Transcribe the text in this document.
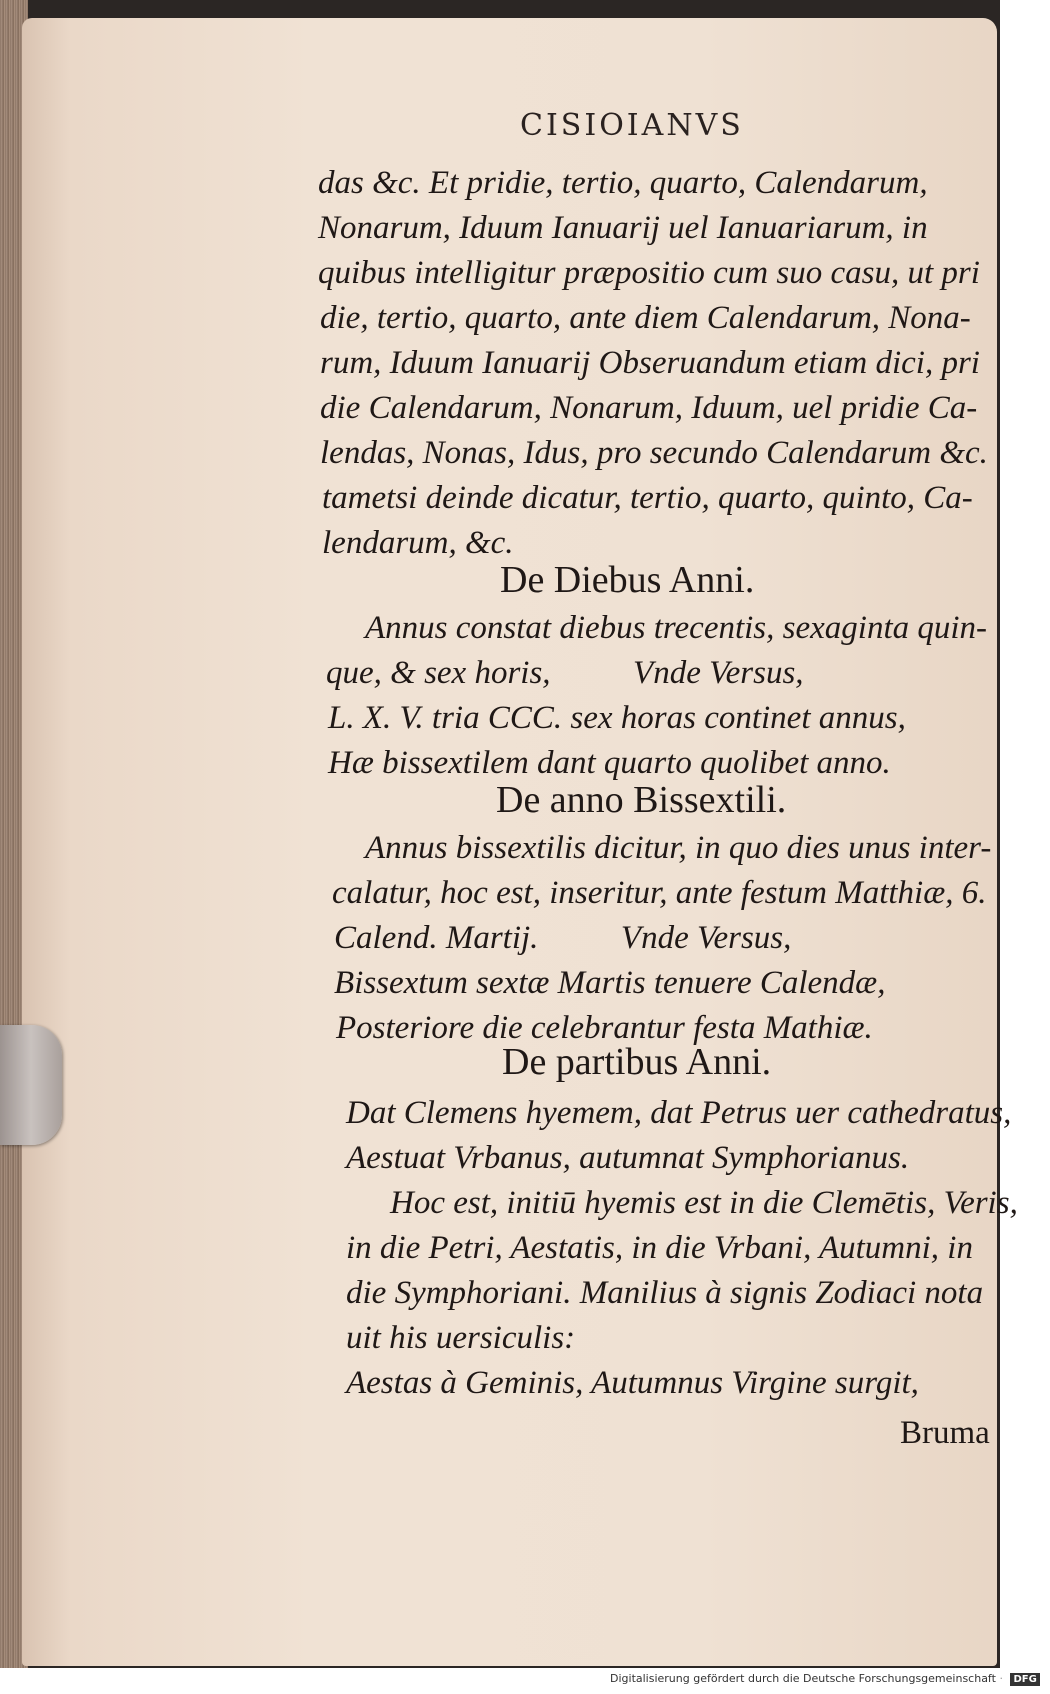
CISIOIANVS
das &c. Et pridie, tertio, quarto, Calendarum,
Nonarum, Iduum Ianuarij uel Ianuariarum, in
quibus intelligitur præpositio cum suo casu, ut pri
die, tertio, quarto, ante diem Calendarum, Nona-
rum, Iduum Ianuarij Obseruandum etiam dici, pri
die Calendarum, Nonarum, Iduum, uel pridie Ca-
lendas, Nonas, Idus, pro secundo Calendarum &c.
tametsi deinde dicatur, tertio, quarto, quinto, Ca-
lendarum, &c.
De Diebus Anni.
Annus constat diebus trecentis, sexaginta quin-
que, & sex horis,          Vnde Versus,
L. X. V. tria CCC. sex horas continet annus,
Hæ bissextilem dant quarto quolibet anno.
De anno Bissextili.
Annus bissextilis dicitur, in quo dies unus inter-
calatur, hoc est, inseritur, ante festum Matthiæ, 6.
Calend. Martij.          Vnde Versus,
Bissextum sextæ Martis tenuere Calendæ,
Posteriore die celebrantur festa Mathiæ.
De partibus Anni.
Dat Clemens hyemem, dat Petrus uer cathedratus,
Aestuat Vrbanus, autumnat Symphorianus.
Hoc est, initiū hyemis est in die Clemētis, Veris,
in die Petri, Aestatis, in die Vrbani, Autumni, in
die Symphoriani. Manilius à signis Zodiaci nota
uit his uersiculis:
Aestas à Geminis, Autumnus Virgine surgit,
Bruma
Digitalisierung gefördert durch die Deutsche Forschungsgemeinschaft · DFG
